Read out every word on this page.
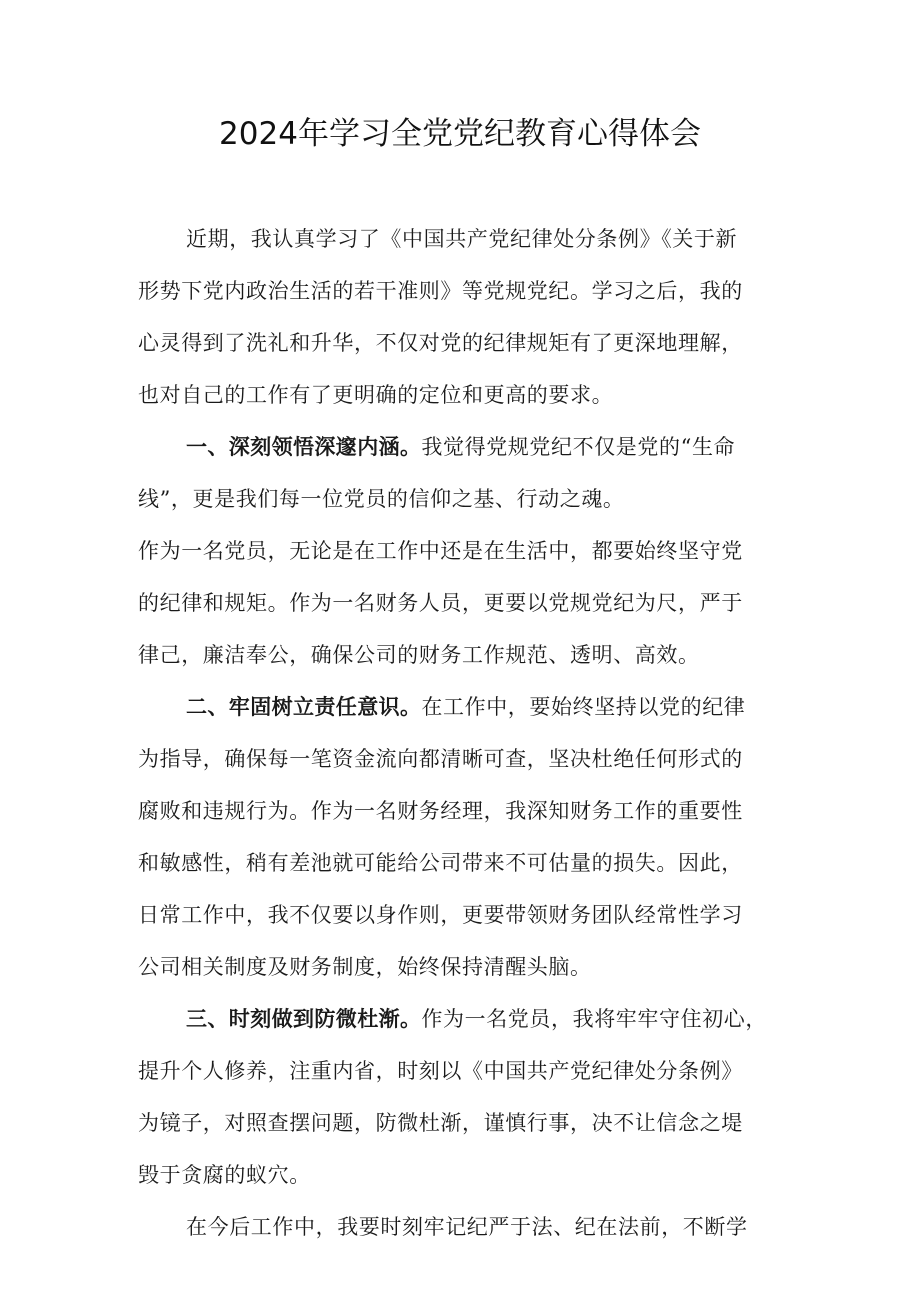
2024年学习全党党纪教育心得体会
近期，我认真学习了《中国共产党纪律处分条例》《关于新
形势下党内政治生活的若干准则》等党规党纪。学习之后，我的
心灵得到了洗礼和升华，不仅对党的纪律规矩有了更深地理解，
也对自己的工作有了更明确的定位和更高的要求。
一、深刻领悟深邃内涵。我觉得党规党纪不仅是党的“生命
线”，更是我们每一位党员的信仰之基、行动之魂。
作为一名党员，无论是在工作中还是在生活中，都要始终坚守党
的纪律和规矩。作为一名财务人员，更要以党规党纪为尺，严于
律己，廉洁奉公，确保公司的财务工作规范、透明、高效。
二、牢固树立责任意识。在工作中，要始终坚持以党的纪律
为指导，确保每一笔资金流向都清晰可查，坚决杜绝任何形式的
腐败和违规行为。作为一名财务经理，我深知财务工作的重要性
和敏感性，稍有差池就可能给公司带来不可估量的损失。因此，
日常工作中，我不仅要以身作则，更要带领财务团队经常性学习
公司相关制度及财务制度，始终保持清醒头脑。
三、时刻做到防微杜渐。作为一名党员，我将牢牢守住初心，
提升个人修养，注重内省，时刻以《中国共产党纪律处分条例》
为镜子，对照查摆问题，防微杜渐，谨慎行事，决不让信念之堤
毁于贪腐的蚁穴。
在今后工作中，我要时刻牢记纪严于法、纪在法前，不断学
